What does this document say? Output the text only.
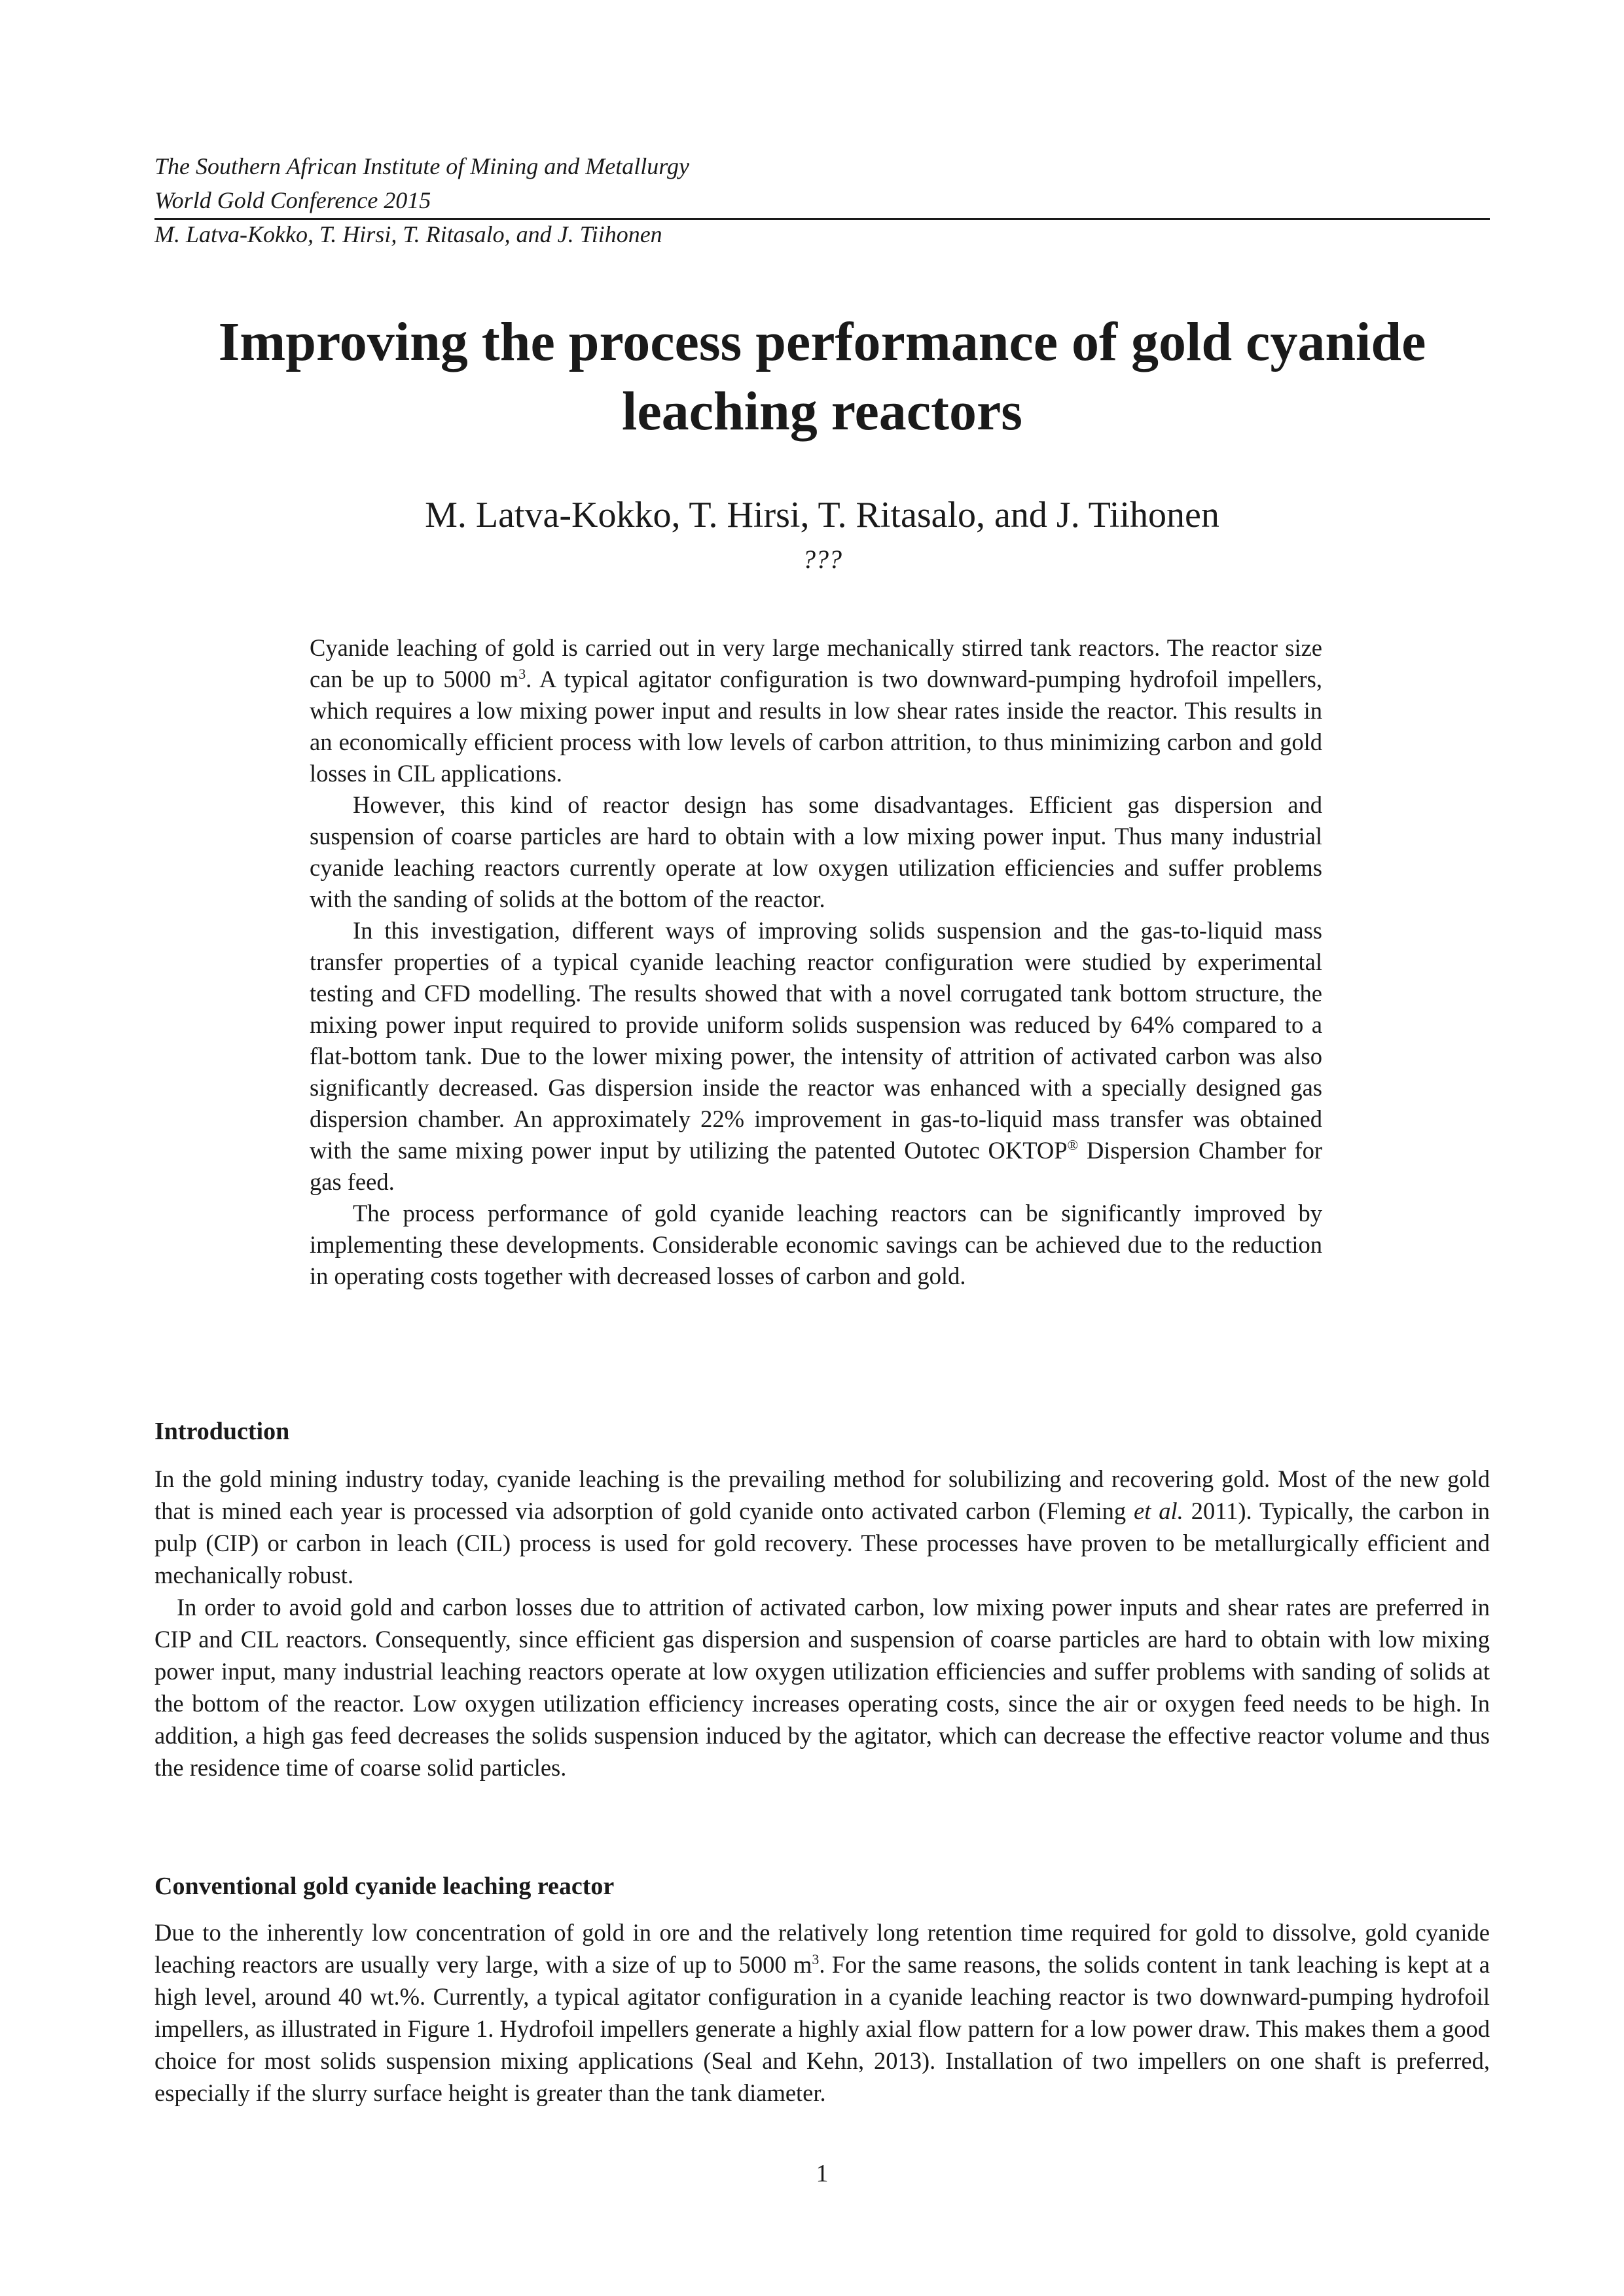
The Southern African Institute of Mining and Metallurgy
World Gold Conference 2015
M. Latva-Kokko, T. Hirsi, T. Ritasalo, and J. Tiihonen
Improving the process performance of gold cyanide
leaching reactors
M. Latva-Kokko, T. Hirsi, T. Ritasalo, and J. Tiihonen
???

Cyanide leaching of gold is carried out in very large mechanically stirred tank reactors. The reactor size can be up to 5000 $m^3$. A typical agitator configuration is two downward-pumping hydrofoil impellers, which requires a low mixing power input and results in low shear rates inside the reactor. This results in an economically efficient process with low levels of carbon attrition, to thus minimizing carbon and gold losses in CIL applications.

However, this kind of reactor design has some disadvantages. Efficient gas dispersion and suspension of coarse particles are hard to obtain with a low mixing power input. Thus many industrial cyanide leaching reactors currently operate at low oxygen utilization efficiencies and suffer problems with the sanding of solids at the bottom of the reactor.

In this investigation, different ways of improving solids suspension and the gas-to-liquid mass transfer properties of a typical cyanide leaching reactor configuration were studied by experimental testing and CFD modelling. The results showed that with a novel corrugated tank bottom structure, the mixing power input required to provide uniform solids suspension was reduced by 64% compared to a flat-bottom tank. Due to the lower mixing power, the intensity of attrition of activated carbon was also significantly decreased. Gas dispersion inside the reactor was enhanced with a specially designed gas dispersion chamber. An approximately 22% improvement in gas-to-liquid mass transfer was obtained with the same mixing power input by utilizing the patented Outotec OKTOP® Dispersion Chamber for gas feed.

The process performance of gold cyanide leaching reactors can be significantly improved by implementing these developments. Considerable economic savings can be achieved due to the reduction in operating costs together with decreased losses of carbon and gold.

Introduction

In the gold mining industry today, cyanide leaching is the prevailing method for solubilizing and recovering gold. Most of the new gold that is mined each year is processed via adsorption of gold cyanide onto activated carbon (Fleming et al. 2011). Typically, the carbon in pulp (CIP) or carbon in leach (CIL) process is used for gold recovery. These processes have proven to be metallurgically efficient and mechanically robust.

In order to avoid gold and carbon losses due to attrition of activated carbon, low mixing power inputs and shear rates are preferred in CIP and CIL reactors. Consequently, since efficient gas dispersion and suspension of coarse particles are hard to obtain with low mixing power input, many industrial leaching reactors operate at low oxygen utilization efficiencies and suffer problems with sanding of solids at the bottom of the reactor. Low oxygen utilization efficiency increases operating costs, since the air or oxygen feed needs to be high. In addition, a high gas feed decreases the solids suspension induced by the agitator, which can decrease the effective reactor volume and thus the residence time of coarse solid particles.

Conventional gold cyanide leaching reactor

Due to the inherently low concentration of gold in ore and the relatively long retention time required for gold to dissolve, gold cyanide leaching reactors are usually very large, with a size of up to 5000 $m^3$. For the same reasons, the solids content in tank leaching is kept at a high level, around 40 wt.%. Currently, a typical agitator configuration in a cyanide leaching reactor is two downward-pumping hydrofoil impellers, as illustrated in Figure 1. Hydrofoil impellers generate a highly axial flow pattern for a low power draw. This makes them a good choice for most solids suspension mixing applications (Seal and Kehn, 2013). Installation of two impellers on one shaft is preferred, especially if the slurry surface height is greater than the tank diameter.

1
